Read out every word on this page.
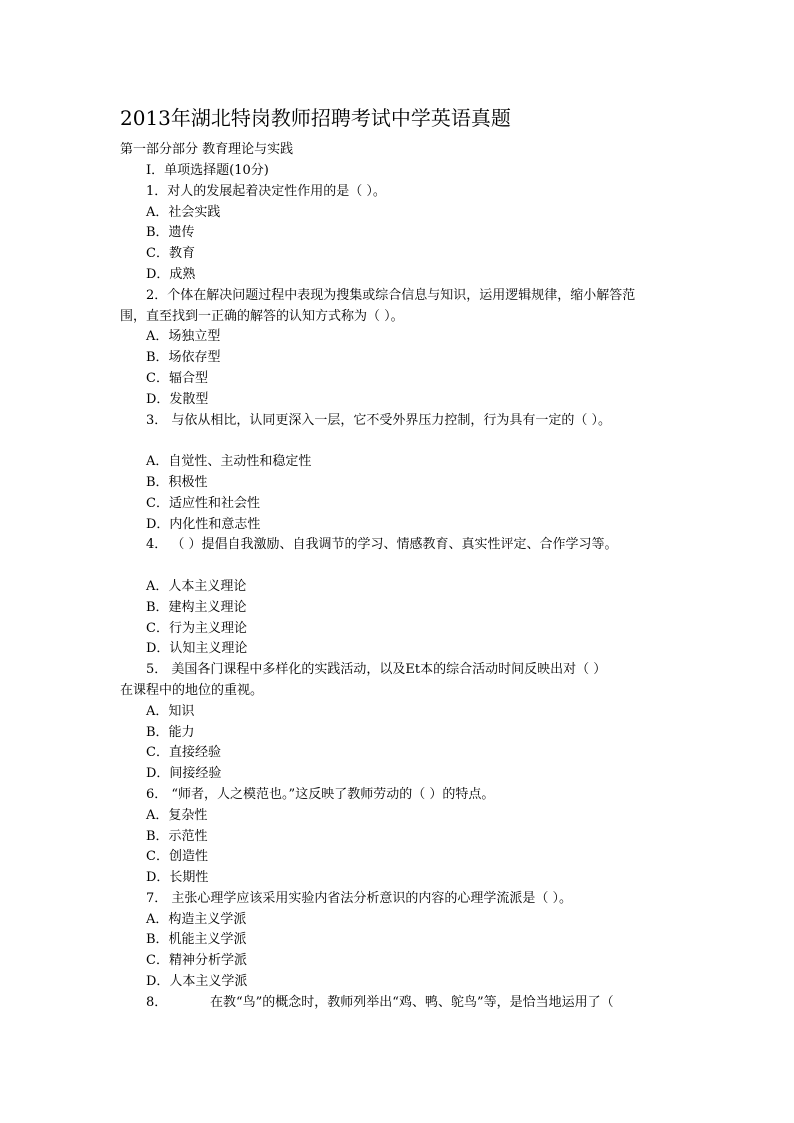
2013年湖北特岗教师招聘考试中学英语真题
第一部分部分 教育理论与实践
I．单项选择题(10分)
1．对人的发展起着决定性作用的是（ ）。
A．社会实践
B．遗传
C．教育
D．成熟
2．个体在解决问题过程中表现为搜集或综合信息与知识，运用逻辑规律，缩小解答范
围，直至找到一正确的解答的认知方式称为（ ）。
A．场独立型
B．场依存型
C．辐合型
D．发散型
3． 与依从相比，认同更深入一层，它不受外界压力控制，行为具有一定的（ ）。
A．自觉性、主动性和稳定性
B．积极性
C．适应性和社会性
D．内化性和意志性
4． （ ）提倡自我激励、自我调节的学习、情感教育、真实性评定、合作学习等。
A．人本主义理论
B．建构主义理论
C．行为主义理论
D．认知主义理论
5． 美国各门课程中多样化的实践活动，以及Et本的综合活动时间反映出对（ ）
在课程中的地位的重视。
A．知识
B．能力
C．直接经验
D．间接经验
6． “师者，人之模范也。”这反映了教师劳动的（ ）的特点。
A．复杂性
B．示范性
C．创造性
D．长期性
7． 主张心理学应该采用实验内省法分析意识的内容的心理学流派是（ ）。
A．构造主义学派
B．机能主义学派
C．精神分析学派
D．人本主义学派
8．	在教“鸟”的概念时，教师列举出“鸡、鸭、鸵鸟”等，是恰当地运用了（
